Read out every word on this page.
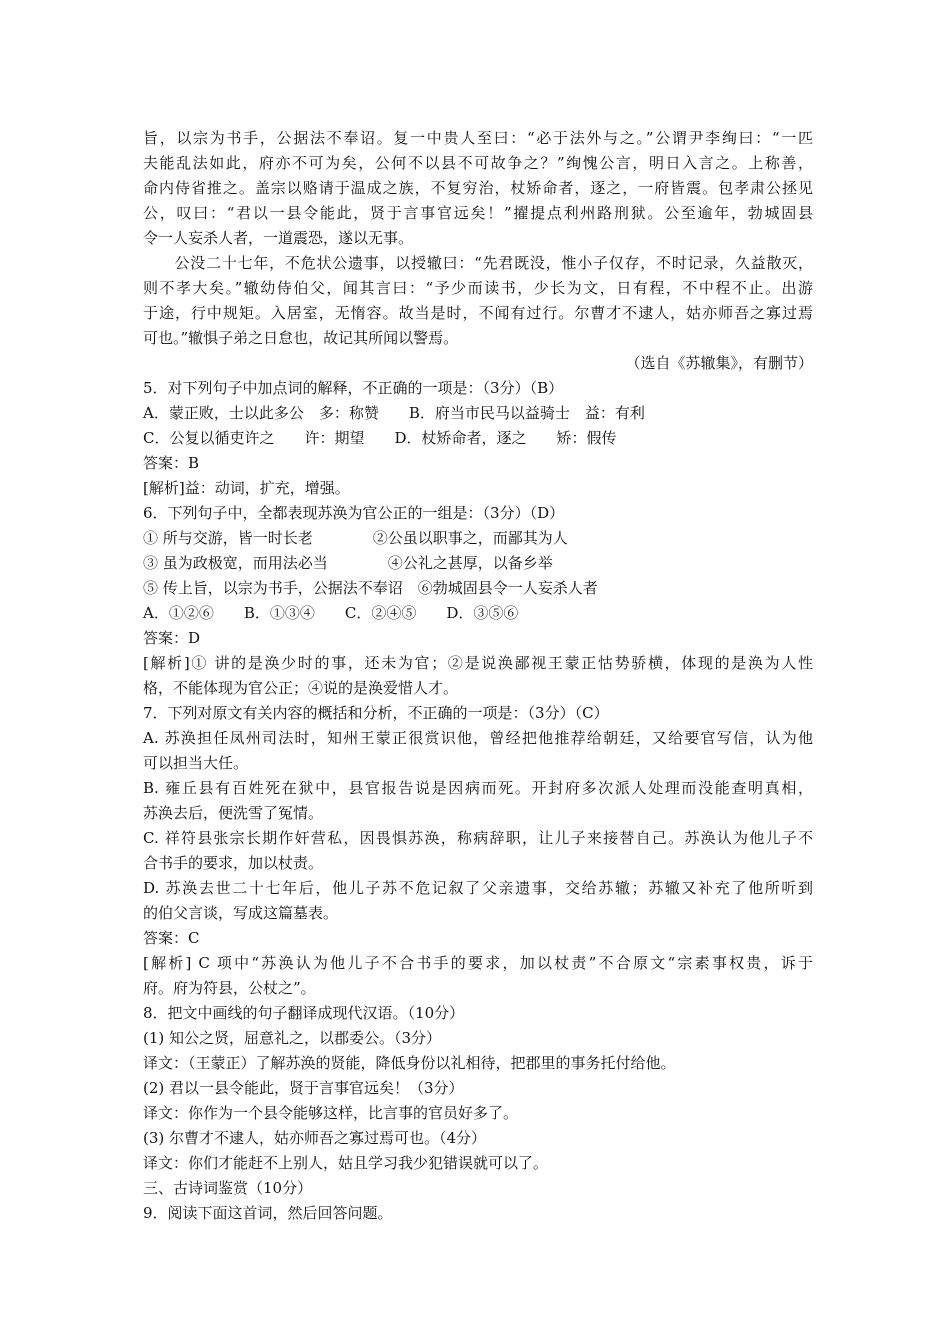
旨，以宗为书手，公据法不奉诏。复一中贵人至曰：“必于法外与之。”公谓尹李绚曰：“一匹
夫能乱法如此，府亦不可为矣，公何不以县不可故争之？”绚愧公言，明日入言之。上称善，
命内侍省推之。盖宗以赂请于温成之族，不复穷治，杖矫命者，逐之，一府皆震。包孝肃公拯见
公，叹曰：“君以一县令能此，贤于言事官远矣！”擢提点利州路刑狱。公至逾年，勃城固县
令一人妄杀人者，一道震恐，遂以无事。
　　公没二十七年，不危状公遗事，以授辙曰：“先君既没，惟小子仅存，不时记录，久益散灭，
则不孝大矣。”辙幼侍伯父，闻其言曰：“予少而读书，少长为文，日有程，不中程不止。出游
于途，行中规矩。入居室，无惰容。故当是时，不闻有过行。尔曹才不逮人，姑亦师吾之寡过焉
可也。”辙惧子弟之日怠也，故记其所闻以警焉。
（选自《苏辙集》，有删节）
5．对下列句子中加点词的解释，不正确的一项是：（3分）（B）
A．蒙正败，士以此多公　多：称赞　　B．府当市民马以益骑士　益：有利
C．公复以循吏许之　　许：期望　　D．杖矫命者，逐之　　矫：假传
答案：B
[解析]益：动词，扩充，增强。
6．下列句子中，全都表现苏涣为官公正的一组是：（3分）（D）
① 所与交游，皆一时长老　　　　②公虽以职事之，而鄙其为人
③ 虽为政极宽，而用法必当　　　　④公礼之甚厚，以备乡举
⑤ 传上旨，以宗为书手，公据法不奉诏　⑥勃城固县令一人妄杀人者
A．①②⑥　　B．①③④　　C．②④⑤　　D．③⑤⑥
答案：D
[解析]① 讲的是涣少时的事，还未为官；②是说涣鄙视王蒙正怙势骄横，体现的是涣为人性
格，不能体现为官公正；④说的是涣爱惜人才。
7．下列对原文有关内容的概括和分析，不正确的一项是：（3分）（C）
A. 苏涣担任凤州司法时，知州王蒙正很赏识他，曾经把他推荐给朝廷，又给要官写信，认为他
可以担当大任。
B. 雍丘县有百姓死在狱中，县官报告说是因病而死。开封府多次派人处理而没能查明真相，
苏涣去后，便洗雪了冤情。
C. 祥符县张宗长期作奸营私，因畏惧苏涣，称病辞职，让儿子来接替自己。苏涣认为他儿子不
合书手的要求，加以杖责。
D. 苏涣去世二十七年后，他儿子苏不危记叙了父亲遗事，交给苏辙；苏辙又补充了他所听到
的伯父言谈，写成这篇墓表。
答案：C
[解析] C 项中“苏涣认为他儿子不合书手的要求，加以杖责”不合原文“宗素事权贵，诉于
府。府为符县，公杖之”。
8．把文中画线的句子翻译成现代汉语。（10分）
(1) 知公之贤，屈意礼之，以郡委公。（3分）
译文：（王蒙正）了解苏涣的贤能，降低身份以礼相待，把郡里的事务托付给他。
(2) 君以一县令能此，贤于言事官远矣！（3分）
译文：你作为一个县令能够这样，比言事的官员好多了。
(3) 尔曹才不逮人，姑亦师吾之寡过焉可也。（4分）
译文：你们才能赶不上别人，姑且学习我少犯错误就可以了。
三、古诗词鉴赏（10分）
9．阅读下面这首词，然后回答问题。
